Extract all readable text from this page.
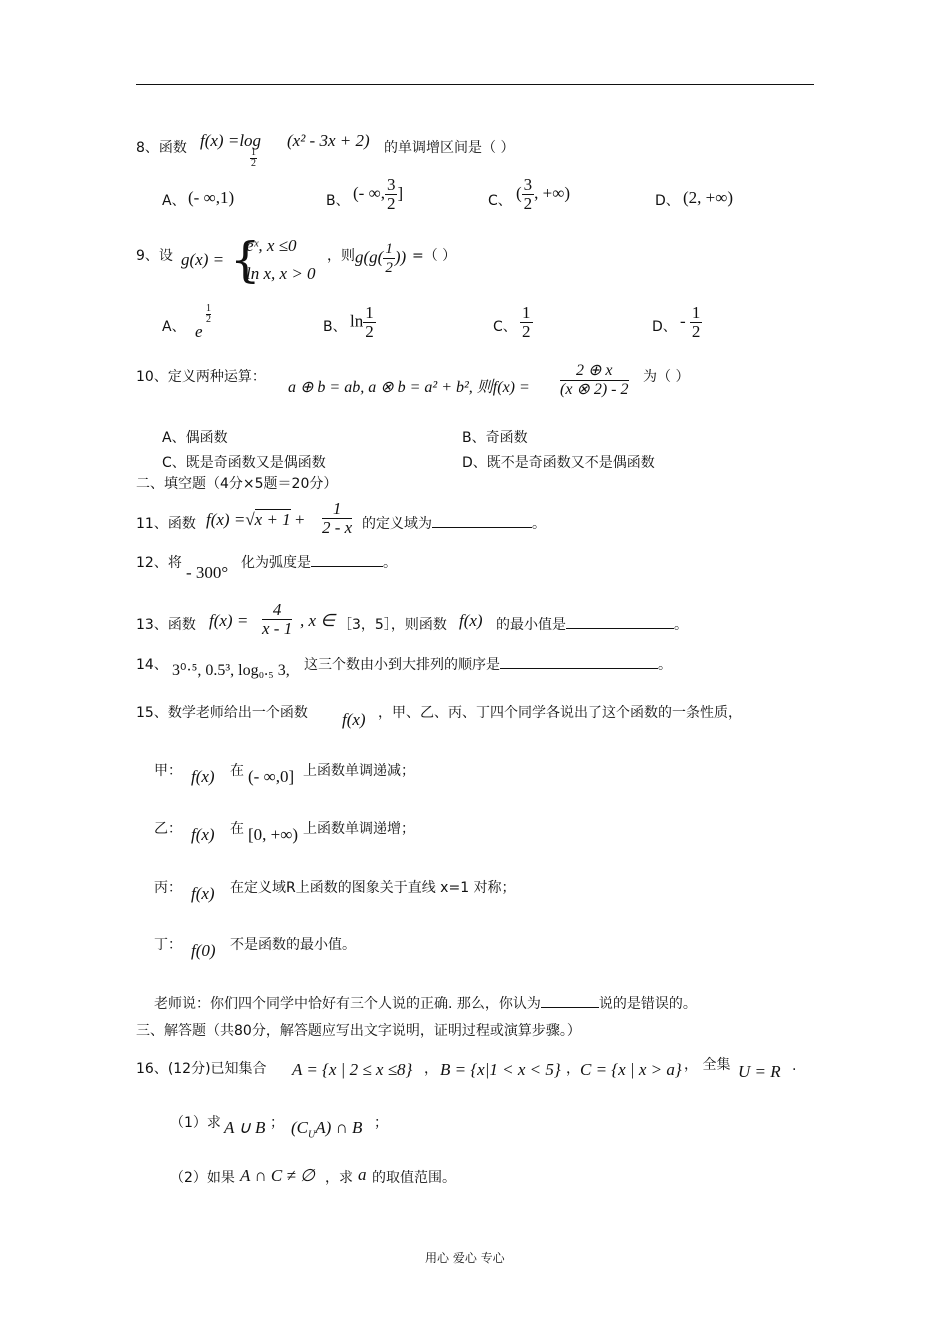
8、函数 f(x) =log
1
2
(x² - 3x + 2) 的单调增区间是（ ）
A、 (- ∞,1)	B、 (- ∞, $\frac{3}{2}$ ]	C、 ( $\frac{3}{2}$ , +∞)	D、 (2, +∞)
9、设 g(x) = {
eˣ, x ≤0
ln x, x > 0
，则 $g(g( \frac{1}{2}$ )) =（ ）
A、 e
1
2	B、 $\ln \frac{1}{2}$	C、 $\frac{1}{2}$	D、 - $\frac{1}{2}$
10、定义两种运算：
a ⊕ b = ab, a ⊗ b = a² + b², 则$f(x) = \frac{2 \oplus x}{(x \otimes 2) - 2}$ 为（ ）
A、偶函数	B、奇函数
C、既是奇函数又是偶函数	D、既不是奇函数又不是偶函数
二、填空题（4分×5题＝20分）
11、函数 $f(x) =√x + 1 + \frac{1}{2 - x}$ 的定义域为	。
12、将 - 300° 化为弧度是	。
13、函数 $f(x) = \frac{4}{x - 1}$ , x ∈ ［3，5］，则函数 f(x) 的最小值是	。
14、 3⁰·⁵, 0.5³, log₀.₅ 3, 这三个数由小到大排列的顺序是	。
15、数学老师给出一个函数 f(x) ，甲、乙、丙、丁四个同学各说出了这个函数的一条性质，
甲： f(x) 在 (- ∞,0] 上函数单调递减；
乙： f(x) 在 [0, +∞) 上函数单调递增；
丙： f(x) 在定义域R上函数的图象关于直线 x=1 对称；
丁： f(0) 不是函数的最小值。
老师说：你们四个同学中恰好有三个人说的正确. 那么，你认为	说的是错误的。
三、解答题（共80分，解答题应写出文字说明，证明过程或演算步骤。）
16、(12分)已知集合 A = {x | 2 ≤ x ≤8} ， B = {x|1 < x < 5} ， C = {x | x > a} ， 全集 U = R .
（1）求 A ∪ B ； $(C_UA)$ ∩ B ；
（2）如果 A ∩ C ≠ ∅ ，求 a 的取值范围。
用心 爱心 专心
